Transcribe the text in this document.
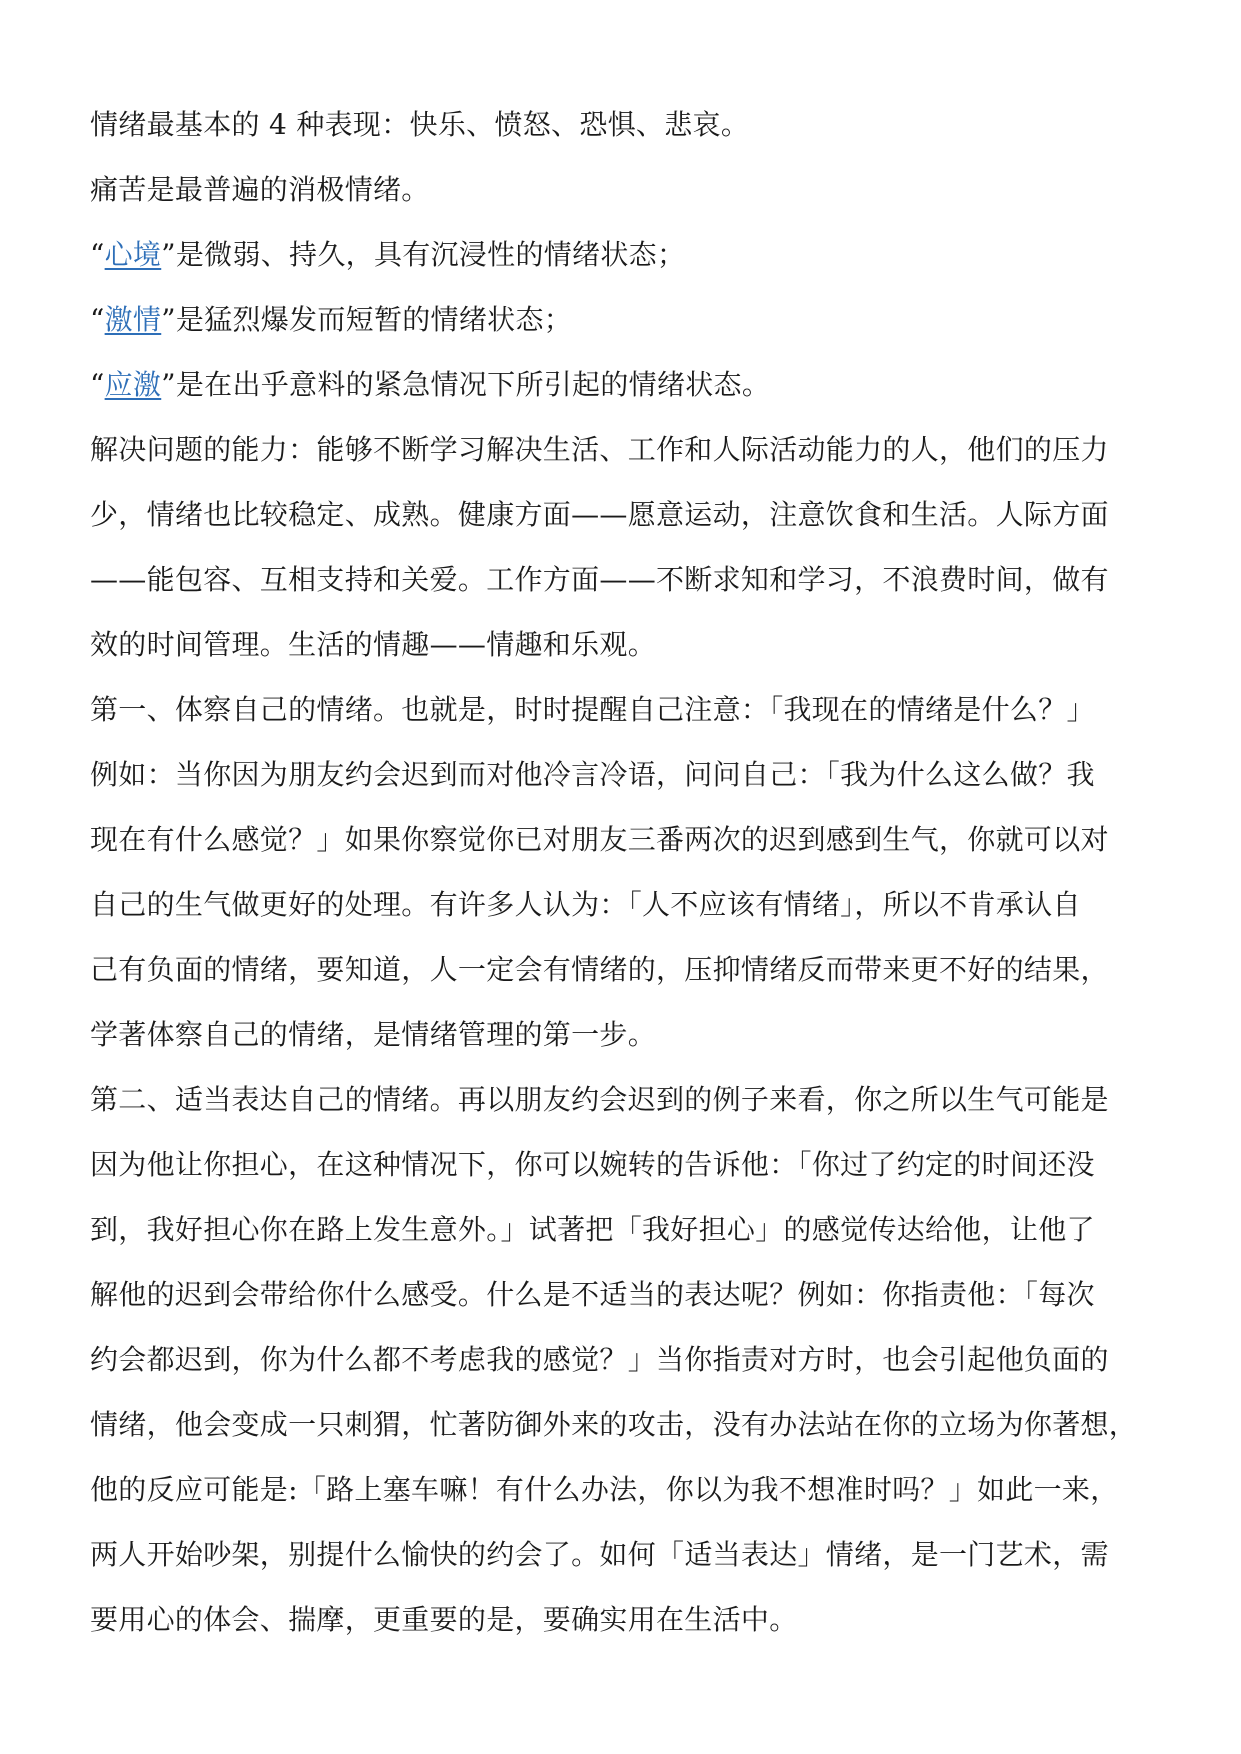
情绪最基本的 4 种表现：快乐、愤怒、恐惧、悲哀。
痛苦是最普遍的消极情绪。
“心境”是微弱、持久，具有沉浸性的情绪状态；
“激情”是猛烈爆发而短暂的情绪状态；
“应激”是在出乎意料的紧急情况下所引起的情绪状态。
解决问题的能力：能够不断学习解决生活、工作和人际活动能力的人，他们的压力
少，情绪也比较稳定、成熟。健康方面——愿意运动，注意饮食和生活。人际方面
——能包容、互相支持和关爱。工作方面——不断求知和学习，不浪费时间，做有
效的时间管理。生活的情趣——情趣和乐观。
第一、体察自己的情绪。也就是，时时提醒自己注意：「我现在的情绪是什么？」
例如：当你因为朋友约会迟到而对他冷言冷语，问问自己：「我为什么这么做？我
现在有什么感觉？」如果你察觉你已对朋友三番两次的迟到感到生气，你就可以对
自己的生气做更好的处理。有许多人认为：「人不应该有情绪」，所以不肯承认自
己有负面的情绪，要知道，人一定会有情绪的，压抑情绪反而带来更不好的结果，
学著体察自己的情绪，是情绪管理的第一步。
第二、适当表达自己的情绪。再以朋友约会迟到的例子来看，你之所以生气可能是
因为他让你担心，在这种情况下，你可以婉转的告诉他：「你过了约定的时间还没
到，我好担心你在路上发生意外。」试著把「我好担心」的感觉传达给他，让他了
解他的迟到会带给你什么感受。什么是不适当的表达呢？例如：你指责他：「每次
约会都迟到，你为什么都不考虑我的感觉？」当你指责对方时，也会引起他负面的
情绪，他会变成一只刺猬，忙著防御外来的攻击，没有办法站在你的立场为你著想，
他的反应可能是:「路上塞车嘛！有什么办法，你以为我不想准时吗？」如此一来，
两人开始吵架，别提什么愉快的约会了。如何「适当表达」情绪，是一门艺术，需
要用心的体会、揣摩，更重要的是，要确实用在生活中。
